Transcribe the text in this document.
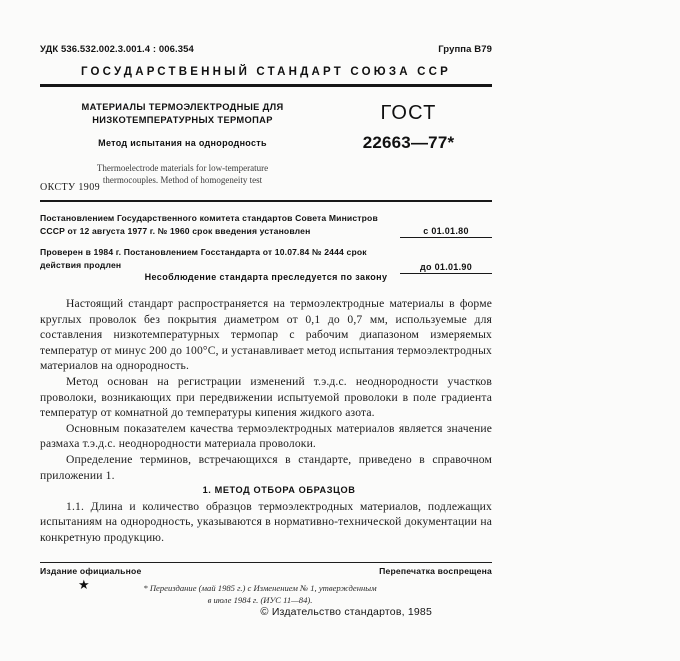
УДК 536.532.002.3.001.4 : 006.354	Группа В79
ГОСУДАРСТВЕННЫЙ СТАНДАРТ СОЮЗА ССР
МАТЕРИАЛЫ ТЕРМОЭЛЕКТРОДНЫЕ ДЛЯ
НИЗКОТЕМПЕРАТУРНЫХ ТЕРМОПАР
Метод испытания на однородность
Thermoelectrode materials for low-temperature
thermocouples. Method of homogeneity test
ГОСТ
22663—77*
ОКСТУ 1909
Постановлением Государственного комитета стандартов Совета Министров СССР от 12 августа 1977 г. № 1960 срок введения установлен	с 01.01.80
Проверен в 1984 г. Постановлением Госстандарта от 10.07.84 № 2444 срок действия продлен	до 01.01.90
Несоблюдение стандарта преследуется по закону

Настоящий стандарт распространяется на термоэлектродные материалы в форме круглых проволок без покрытия диаметром от 0,1 до 0,7 мм, используемые для составления низкотемпературных термопар с рабочим диапазоном измеряемых температур от минус 200 до 100°С, и устанавливает метод испытания термоэлектродных материалов на однородность.

Метод основан на регистрации изменений т.э.д.с. неоднородности участков проволоки, возникающих при передвижении испытуемой проволоки в поле градиента температур от комнатной до температуры кипения жидкого азота.

Основным показателем качества термоэлектродных материалов является значение размаха т.э.д.с. неоднородности материала проволоки.

Определение терминов, встречающихся в стандарте, приведено в справочном приложении 1.

1. МЕТОД ОТБОРА ОБРАЗЦОВ

1.1. Длина и количество образцов термоэлектродных материалов, подлежащих испытаниям на однородность, указываются в нормативно-технической документации на конкретную продукцию.

Издание официальное	Перепечатка воспрещена
★	* Переиздание (май 1985 г.) с Изменением № 1, утвержденным
в июле 1984 г. (ИУС 11—84).
© Издательство стандартов, 1985
